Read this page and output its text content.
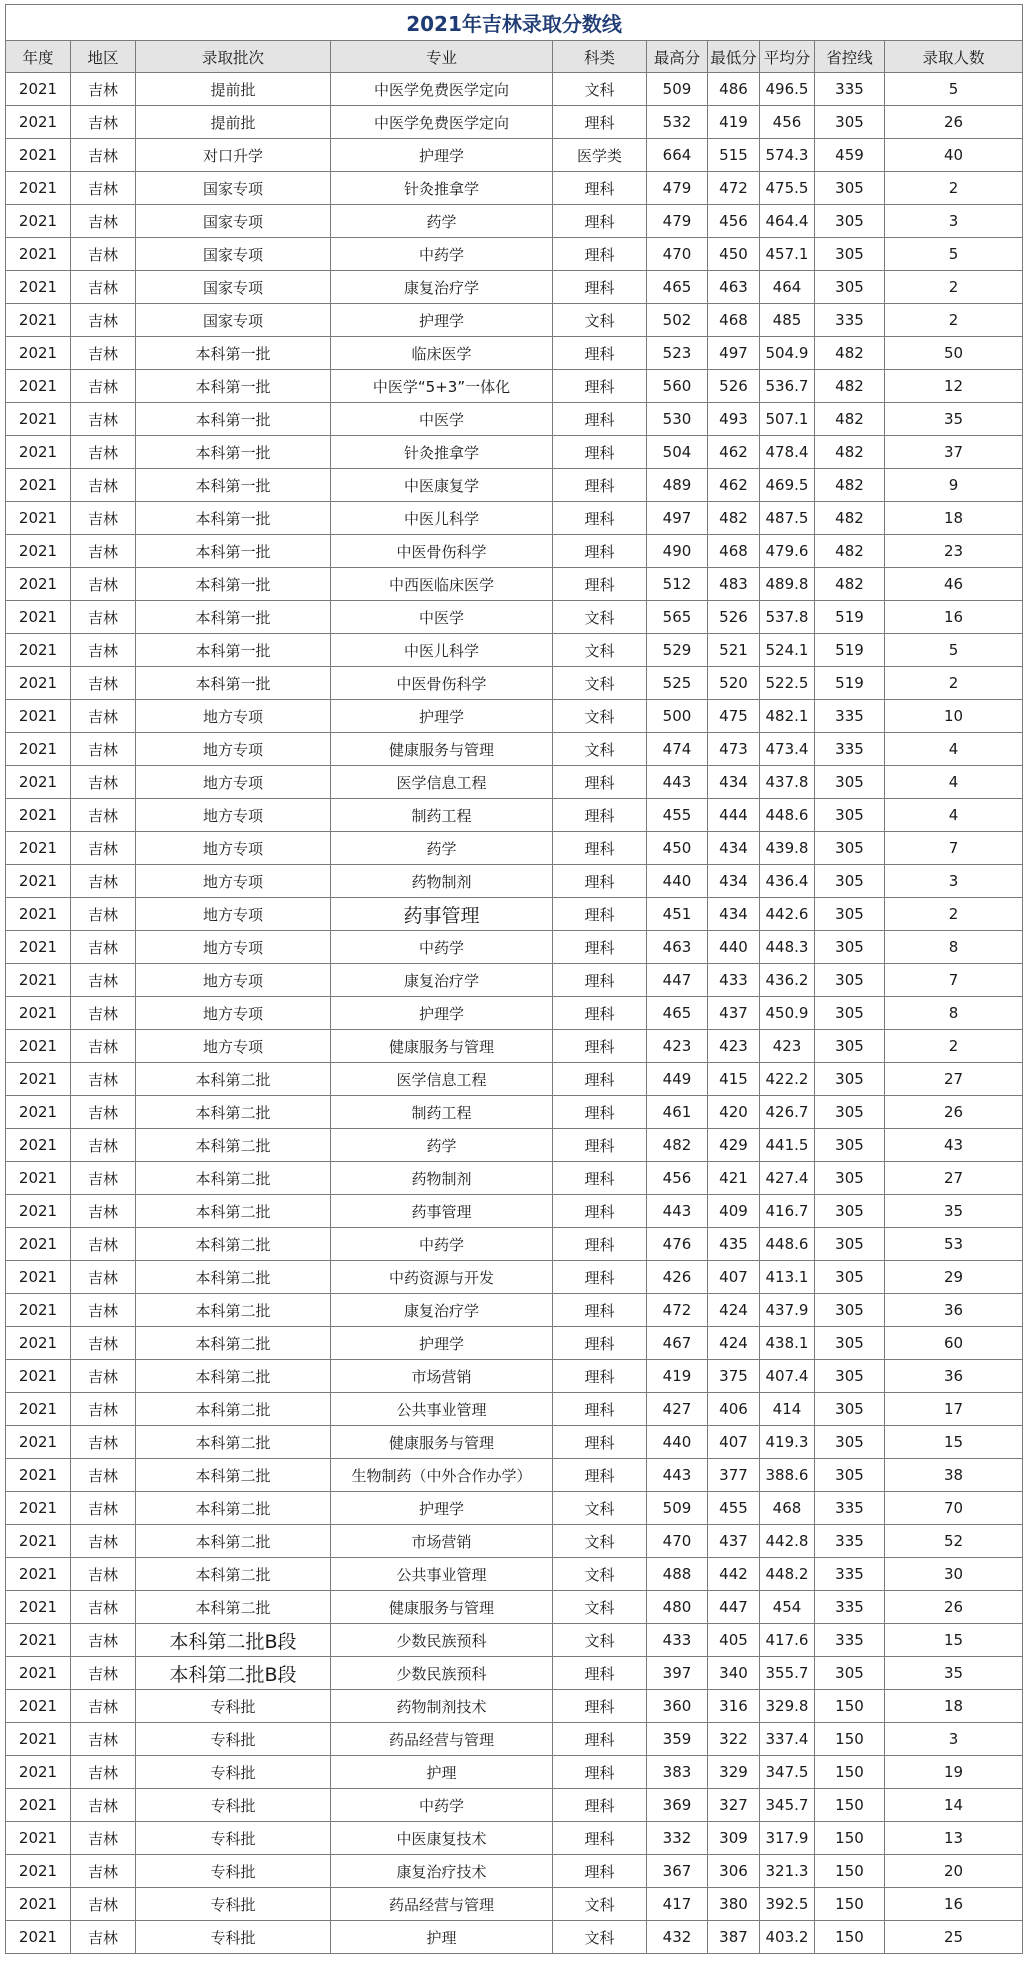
2021年吉林录取分数线									
年度	地区	录取批次	专业	科类	最高分	最低分	平均分	省控线	录取人数
2021	吉林	提前批	中医学免费医学定向	文科	509	486	496.5	335	5
2021	吉林	提前批	中医学免费医学定向	理科	532	419	456	305	26
2021	吉林	对口升学	护理学	医学类	664	515	574.3	459	40
2021	吉林	国家专项	针灸推拿学	理科	479	472	475.5	305	2
2021	吉林	国家专项	药学	理科	479	456	464.4	305	3
2021	吉林	国家专项	中药学	理科	470	450	457.1	305	5
2021	吉林	国家专项	康复治疗学	理科	465	463	464	305	2
2021	吉林	国家专项	护理学	文科	502	468	485	335	2
2021	吉林	本科第一批	临床医学	理科	523	497	504.9	482	50
2021	吉林	本科第一批	中医学“5+3”一体化	理科	560	526	536.7	482	12
2021	吉林	本科第一批	中医学	理科	530	493	507.1	482	35
2021	吉林	本科第一批	针灸推拿学	理科	504	462	478.4	482	37
2021	吉林	本科第一批	中医康复学	理科	489	462	469.5	482	9
2021	吉林	本科第一批	中医儿科学	理科	497	482	487.5	482	18
2021	吉林	本科第一批	中医骨伤科学	理科	490	468	479.6	482	23
2021	吉林	本科第一批	中西医临床医学	理科	512	483	489.8	482	46
2021	吉林	本科第一批	中医学	文科	565	526	537.8	519	16
2021	吉林	本科第一批	中医儿科学	文科	529	521	524.1	519	5
2021	吉林	本科第一批	中医骨伤科学	文科	525	520	522.5	519	2
2021	吉林	地方专项	护理学	文科	500	475	482.1	335	10
2021	吉林	地方专项	健康服务与管理	文科	474	473	473.4	335	4
2021	吉林	地方专项	医学信息工程	理科	443	434	437.8	305	4
2021	吉林	地方专项	制药工程	理科	455	444	448.6	305	4
2021	吉林	地方专项	药学	理科	450	434	439.8	305	7
2021	吉林	地方专项	药物制剂	理科	440	434	436.4	305	3
2021	吉林	地方专项	药事管理	理科	451	434	442.6	305	2
2021	吉林	地方专项	中药学	理科	463	440	448.3	305	8
2021	吉林	地方专项	康复治疗学	理科	447	433	436.2	305	7
2021	吉林	地方专项	护理学	理科	465	437	450.9	305	8
2021	吉林	地方专项	健康服务与管理	理科	423	423	423	305	2
2021	吉林	本科第二批	医学信息工程	理科	449	415	422.2	305	27
2021	吉林	本科第二批	制药工程	理科	461	420	426.7	305	26
2021	吉林	本科第二批	药学	理科	482	429	441.5	305	43
2021	吉林	本科第二批	药物制剂	理科	456	421	427.4	305	27
2021	吉林	本科第二批	药事管理	理科	443	409	416.7	305	35
2021	吉林	本科第二批	中药学	理科	476	435	448.6	305	53
2021	吉林	本科第二批	中药资源与开发	理科	426	407	413.1	305	29
2021	吉林	本科第二批	康复治疗学	理科	472	424	437.9	305	36
2021	吉林	本科第二批	护理学	理科	467	424	438.1	305	60
2021	吉林	本科第二批	市场营销	理科	419	375	407.4	305	36
2021	吉林	本科第二批	公共事业管理	理科	427	406	414	305	17
2021	吉林	本科第二批	健康服务与管理	理科	440	407	419.3	305	15
2021	吉林	本科第二批	生物制药（中外合作办学）	理科	443	377	388.6	305	38
2021	吉林	本科第二批	护理学	文科	509	455	468	335	70
2021	吉林	本科第二批	市场营销	文科	470	437	442.8	335	52
2021	吉林	本科第二批	公共事业管理	文科	488	442	448.2	335	30
2021	吉林	本科第二批	健康服务与管理	文科	480	447	454	335	26
2021	吉林	本科第二批B段	少数民族预科	文科	433	405	417.6	335	15
2021	吉林	本科第二批B段	少数民族预科	理科	397	340	355.7	305	35
2021	吉林	专科批	药物制剂技术	理科	360	316	329.8	150	18
2021	吉林	专科批	药品经营与管理	理科	359	322	337.4	150	3
2021	吉林	专科批	护理	理科	383	329	347.5	150	19
2021	吉林	专科批	中药学	理科	369	327	345.7	150	14
2021	吉林	专科批	中医康复技术	理科	332	309	317.9	150	13
2021	吉林	专科批	康复治疗技术	理科	367	306	321.3	150	20
2021	吉林	专科批	药品经营与管理	文科	417	380	392.5	150	16
2021	吉林	专科批	护理	文科	432	387	403.2	150	25
